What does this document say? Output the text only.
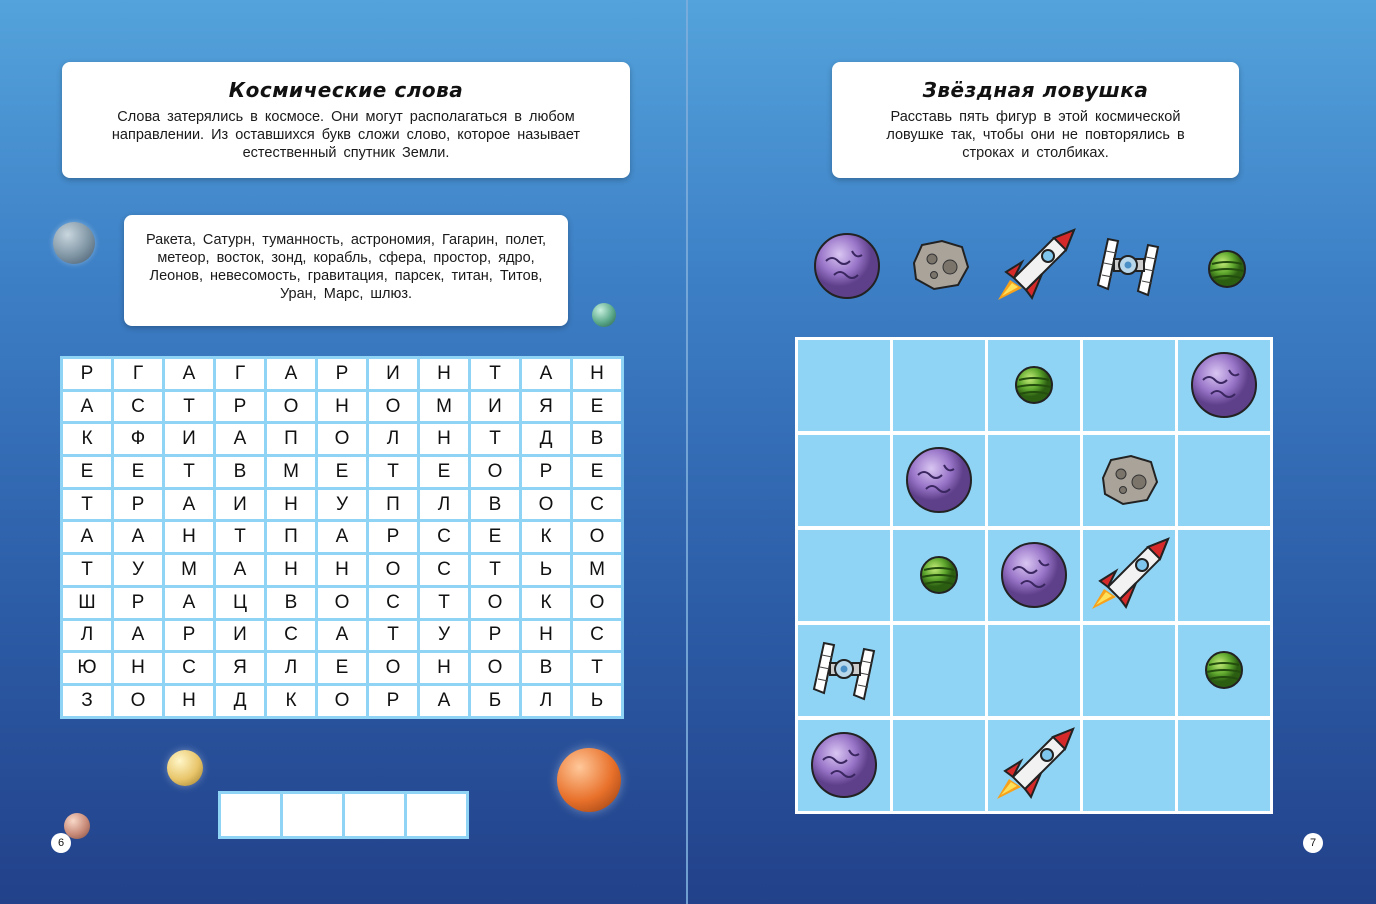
Космические слова

Слова затерялись в космосе. Они могут располагаться в любом направлении. Из оставшихся букв сложи слово, которое называет естественный спутник Земли.

Ракета, Сатурн, туманность, астрономия, Гагарин, полет, метеор, восток, зонд, корабль, сфера, простор, ядро, Леонов, невесомость, гравитация, парсек, титан, Титов, Уран, Марс, шлюз.

Р	Г	А	Г	А	Р	И	Н	Т	А	Н
А	С	Т	Р	О	Н	О	М	И	Я	Е
К	Ф	И	А	П	О	Л	Н	Т	Д	В
Е	Е	Т	В	М	Е	Т	Е	О	Р	Е
Т	Р	А	И	Н	У	П	Л	В	О	С
А	А	Н	Т	П	А	Р	С	Е	К	О
Т	У	М	А	Н	Н	О	С	Т	Ь	М
Ш	Р	А	Ц	В	О	С	Т	О	К	О
Л	А	Р	И	С	А	Т	У	Р	Н	С
Ю	Н	С	Я	Л	Е	О	Н	О	В	Т
З	О	Н	Д	К	О	Р	А	Б	Л	Ь
6
Звёздная ловушка

Расставь пять фигур в этой космической ловушке так, чтобы они не повторялись в строках и столбиках.

7
